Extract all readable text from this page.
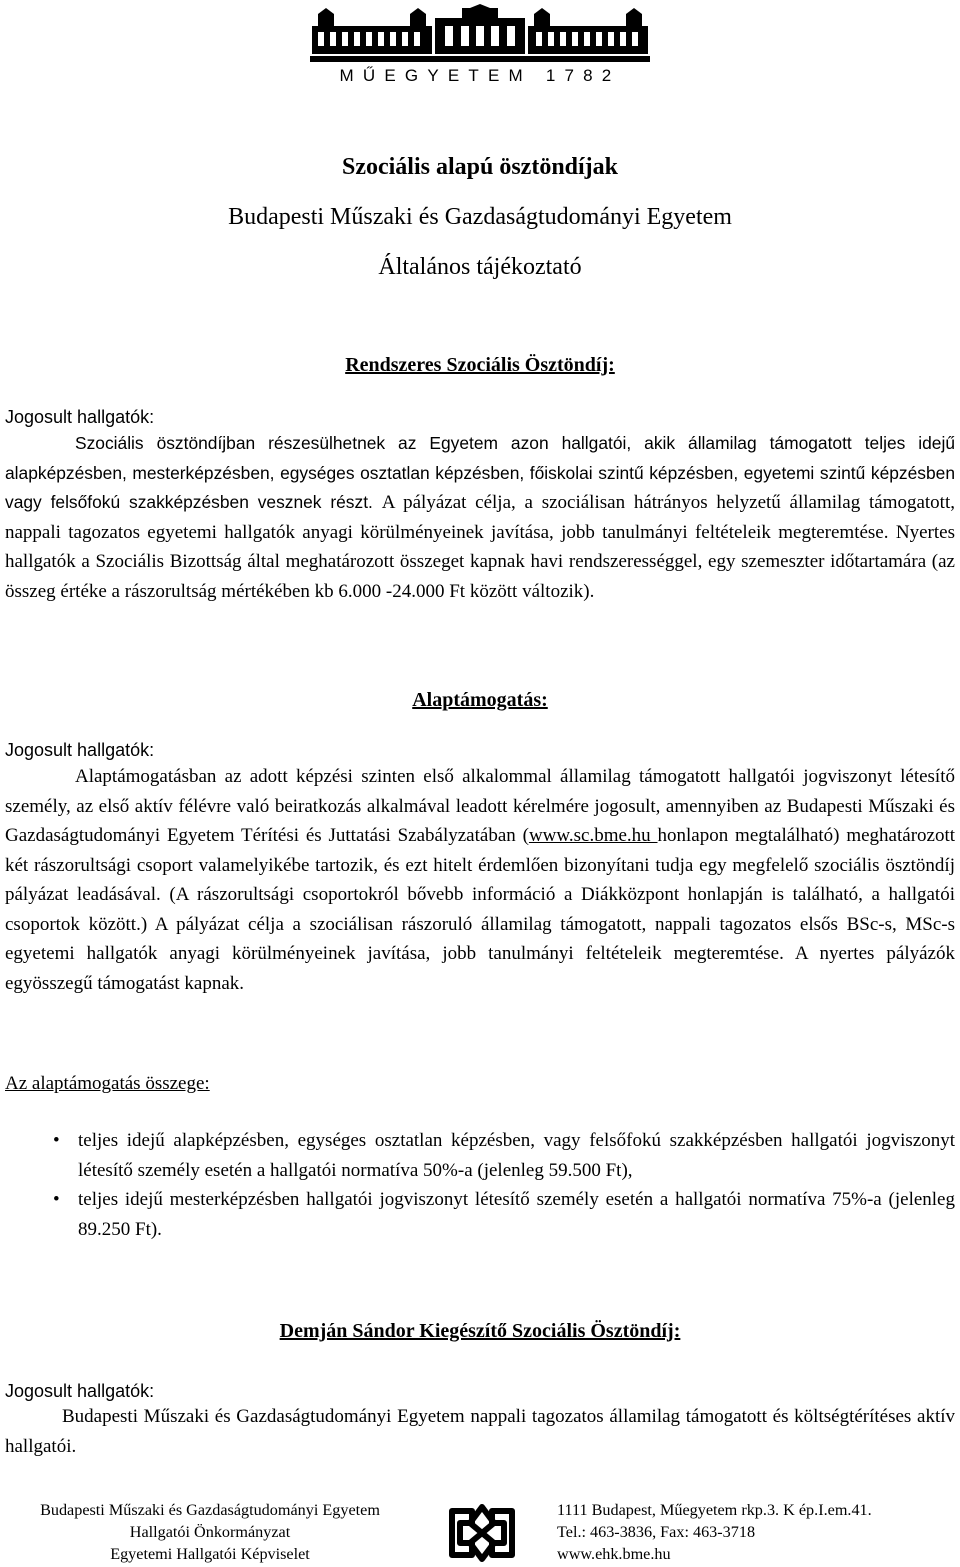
MŰEGYETEM 1782
Szociális alapú ösztöndíjak
Budapesti Műszaki és Gazdaságtudományi Egyetem
Általános tájékoztató
Rendszeres Szociális Ösztöndíj:
Jogosult hallgatók:
Szociális ösztöndíjban részesülhetnek az Egyetem azon hallgatói, akik államilag támogatott teljes idejű alapképzésben, mesterképzésben, egységes osztatlan képzésben, főiskolai szintű képzésben, egyetemi szintű képzésben vagy felsőfokú szakképzésben vesznek részt. A pályázat célja, a szociálisan hátrányos helyzetű államilag támogatott, nappali tagozatos egyetemi hallgatók anyagi körülményeinek javítása, jobb tanulmányi feltételeik megteremtése. Nyertes hallgatók a Szociális Bizottság által meghatározott összeget kapnak havi rendszerességgel, egy szemeszter időtartamára (az összeg értéke a rászorultság mértékében kb 6.000 -24.000 Ft között változik).
Alaptámogatás:
Jogosult hallgatók:
Alaptámogatásban az adott képzési szinten első alkalommal államilag támogatott hallgatói jogviszonyt létesítő személy, az első aktív félévre való beiratkozás alkalmával leadott kérelmére jogosult, amennyiben az Budapesti Műszaki és Gazdaságtudományi Egyetem Térítési és Juttatási Szabályzatában (www.sc.bme.hu honlapon megtalálható) meghatározott két rászorultsági csoport valamelyikébe tartozik, és ezt hitelt érdemlően bizonyítani tudja egy megfelelő szociális ösztöndíj pályázat leadásával. (A rászorultsági csoportokról bővebb információ a Diákközpont honlapján is található, a hallgatói csoportok között.) A pályázat célja a szociálisan rászoruló államilag támogatott, nappali tagozatos elsős BSc-s, MSc-s egyetemi hallgatók anyagi körülményeinek javítása, jobb tanulmányi feltételeik megteremtése. A nyertes pályázók egyösszegű támogatást kapnak.
Az alaptámogatás összege:
• teljes idejű alapképzésben, egységes osztatlan képzésben, vagy felsőfokú szakképzésben hallgatói jogviszonyt létesítő személy esetén a hallgatói normatíva 50%-a (jelenleg 59.500 Ft),
• teljes idejű mesterképzésben hallgatói jogviszonyt létesítő személy esetén a hallgatói normatíva 75%-a (jelenleg 89.250 Ft).
Demján Sándor Kiegészítő Szociális Ösztöndíj:
Jogosult hallgatók:
Budapesti Műszaki és Gazdaságtudományi Egyetem nappali tagozatos államilag támogatott és költségtérítéses aktív hallgatói.
Budapesti Műszaki és Gazdaságtudományi Egyetem
Hallgatói Önkormányzat
Egyetemi Hallgatói Képviselet
1111 Budapest, Műegyetem rkp.3. K ép.I.em.41.
Tel.: 463-3836, Fax: 463-3718
www.ehk.bme.hu
